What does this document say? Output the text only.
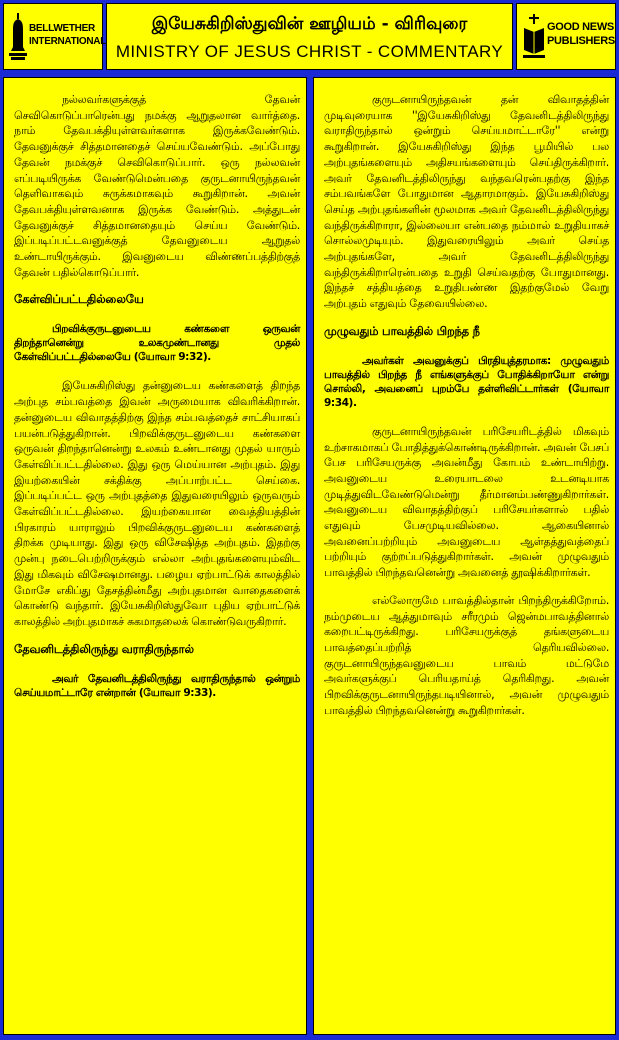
BELLWETHER
INTERNATIONAL
இயேசுகிறிஸ்துவின் ஊழியம் - விரிவுரை
MINISTRY OF JESUS CHRIST - COMMENTARY
GOOD NEWS
PUBLISHERS

நல்லவர்களுக்குத் தேவன் செவிகொடுப்பாரென்பது நமக்கு ஆறுதலான வார்த்தை. நாம் தேவபக்தியுள்ளவர்களாக இருக்கவேண்டும். தேவனுக்குச் சித்தமானதைச் செய்யவேண்டும். அப்போது தேவன் நமக்குச் செவிகொடுப்பார். ஒரு நல்லவன் எப்படியிருக்க வேண்டுமென்பதை குருடனாயிருந்தவன் தெளிவாகவும் சுருக்கமாகவும் கூறுகிறான். அவன் தேவபக்தியுள்ளவனாக இருக்க வேண்டும். அத்துடன் தேவனுக்குச் சித்தமானதையும் செய்ய வேண்டும். இப்படிப்பட்டவனுக்குத் தேவனுடைய ஆறுதல் உண்டாயிருக்கும். இவனுடைய விண்ணப்பத்திற்குத் தேவன் பதில்கொடுப்பார்.

கேள்விப்பட்டதில்லையே

பிறவிக்குருடனுடைய கண்களை ஒருவன் திறந்தானென்று உலகமுண்டானது முதல் கேள்விப்பட்டதில்லையே (யோவா 9:32).

இயேசுகிறிஸ்து தன்னுடைய கண்களைத் திறந்த அற்புத சம்பவத்தை இவன் அருமையாக விவரிக்கிறான். தன்னுடைய விவாதத்திற்கு இந்த சம்பவத்தைச் சாட்சியாகப் பயன்படுத்துகிறான். பிறவிக்குருடனுடைய கண்களை ஒருவன் திறந்தானென்று உலகம் உண்டானது முதல் யாரும் கேள்விப்பட்டதில்லை. இது ஒரு மெய்யான அற்புதம். இது இயற்கையின் சக்திக்கு அப்பாற்பட்ட செய்கை. இப்படிப்பட்ட ஒரு அற்புதத்தை இதுவரையிலும் ஒருவரும் கேள்விப்பட்டதில்லை. இயற்கையான வைத்தியத்தின் பிரகாரம் யாராலும் பிறவிக்குருடனுடைய கண்களைத் திறக்க முடியாது. இது ஒரு விசேஷித்த அற்புதம். இதற்கு முன்பு நடைபெற்றிருக்கும் எல்லா அற்புதங்களையும்விட இது மிகவும் விசேஷமானது. பழைய ஏற்பாட்டுக் காலத்தில் மோசே எகிப்து தேசத்தின்மீது அற்புதமான வாதைகளைக் கொண்டு வந்தார். இயேசுகிறிஸ்துவோ புதிய ஏற்பாட்டுக் காலத்தில் அற்புதமாகச் சுகமாதலைக் கொண்டுவருகிறார்.

தேவனிடத்திலிருந்து வராதிருந்தால்

அவர் தேவனிடத்திலிருந்து வராதிருந்தால் ஒன்றும் செய்யமாட்டாரே என்றான் (யோவா 9:33).

குருடனாயிருந்தவன் தன் விவாதத்தின் முடிவுரையாக ''இயேசுகிறிஸ்து தேவனிடத்திலிருந்து வராதிருந்தால் ஒன்றும் செய்யமாட்டாரே'' என்று கூறுகிறான். இயேசுகிறிஸ்து இந்த பூமியில் பல அற்புதங்களையும் அதிசயங்களையும் செய்திருக்கிறார். அவர் தேவனிடத்திலிருந்து வந்தவரென்பதற்கு இந்த சம்பவங்களே போதுமான ஆதாரமாகும். இயேசுகிறிஸ்து செய்த அற்புதங்களின் மூலமாக அவர் தேவனிடத்திலிருந்து வந்திருக்கிறாரா, இல்லையா என்பதை நம்மால் உறுதியாகச் சொல்லமுடியும். இதுவரையிலும் அவர் செய்த அற்புதங்களே, அவர் தேவனிடத்திலிருந்து வந்திருக்கிறாரென்பதை உறுதி செய்வதற்கு போதுமானது. இந்தச் சத்தியத்தை உறுதிபண்ண இதற்குமேல் வேறு அற்புதம் எதுவும் தேவையில்லை.

முழுவதும் பாவத்தில் பிறந்த நீ

அவர்கள் அவனுக்குப் பிரதியுத்தரமாக: முழுவதும் பாவத்தில் பிறந்த நீ எங்களுக்குப் போதிக்கிறாயோ என்று சொல்லி, அவனைப் புறம்பே தள்ளிவிட்டார்கள் (யோவா 9:34).

குருடனாயிருந்தவன் பரிசேயரிடத்தில் மிகவும் உற்சாகமாகப் போதித்துக்கொண்டிருக்கிறான். அவன் பேசப் பேச பரிசேயருக்கு அவன்மீது கோபம் உண்டாயிற்று. அவனுடைய உரையாடலை உடனடியாக முடித்துவிடவேண்டுமென்று தீர்மானம்பண்ணுகிறார்கள். அவனுடைய விவாதத்திற்குப் பரிசேயர்களால் பதில் எதுவும் பேசமுடியவில்லை. ஆகையினால் அவனைப்பற்றியும் அவனுடைய ஆள்தத்துவத்தைப் பற்றியும் குற்றப்படுத்துகிறார்கள். அவன் முழுவதும் பாவத்தில் பிறந்தவனென்று அவனைத் தூஷிக்கிறார்கள்.

எல்லோருமே பாவத்தில்தான் பிறந்திருக்கிறோம். நம்முடைய ஆத்துமாவும் சரீரமும் ஜென்மபாவத்தினால் கறைபட்டிருக்கிறது. பரிசேயருக்குத் தங்களுடைய பாவத்தைப்பற்றித் தெரியவில்லை. குருடனாயிருந்தவனுடைய பாவம் மட்டுமே அவர்களுக்குப் பெரியதாய்த் தெரிகிறது. அவன் பிறவிக்குருடனாயிருந்தபடியினால், அவன் முழுவதும் பாவத்தில் பிறந்தவனென்று கூறுகிறார்கள்.
